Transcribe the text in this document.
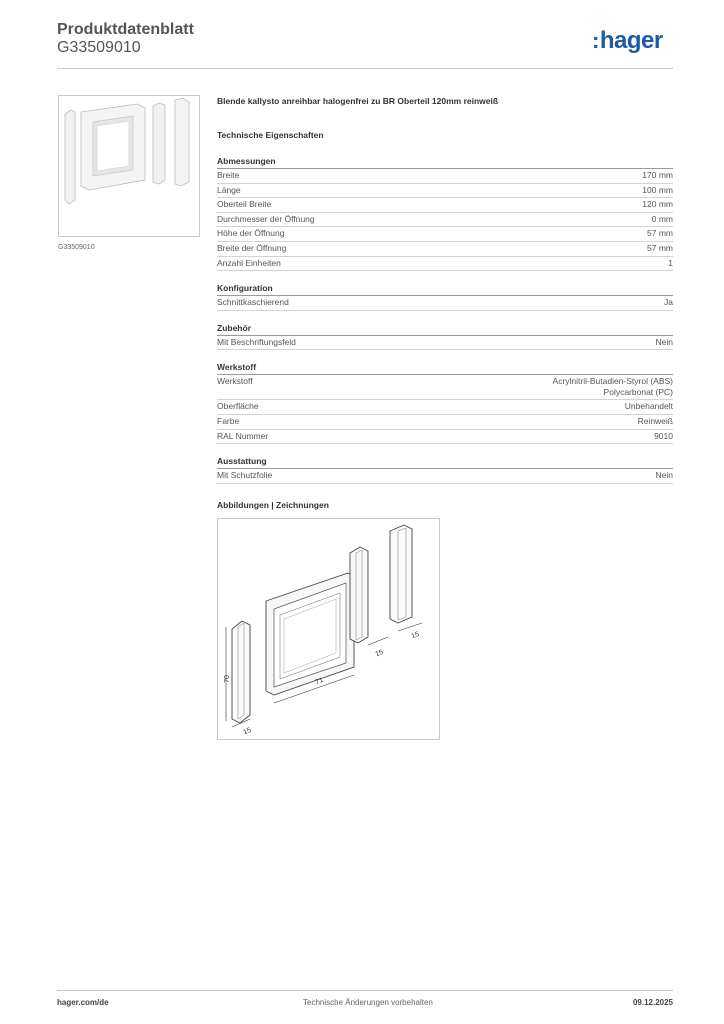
Produktdatenblatt
G33509010	:hager
G33509010
Blende kallysto anreihbar halogenfrei zu BR Oberteil 120mm reinweiß
Technische Eigenschaften
Abmessungen
Breite	170 mm
Länge	100 mm
Oberteil Breite	120 mm
Durchmesser der Öffnung	0 mm
Höhe der Öffnung	57 mm
Breite der Öffnung	57 mm
Anzahl Einheiten	1
Konfiguration
Schnittkaschierend	Ja
Zubehör
Mit Beschriftungsfeld	Nein
Werkstoff
Werkstoff	Acrylnitril-Butadien-Styrol (ABS)
Polycarbonat (PC)
Oberfläche	Unbehandelt
Farbe	Reinweiß
RAL Nummer	9010
Ausstattung
Mit Schutzfolie	Nein
Abbildungen | Zeichnungen
70
15
71
15
15
hager.com/de	Technische Änderungen vorbehalten	09.12.2025
